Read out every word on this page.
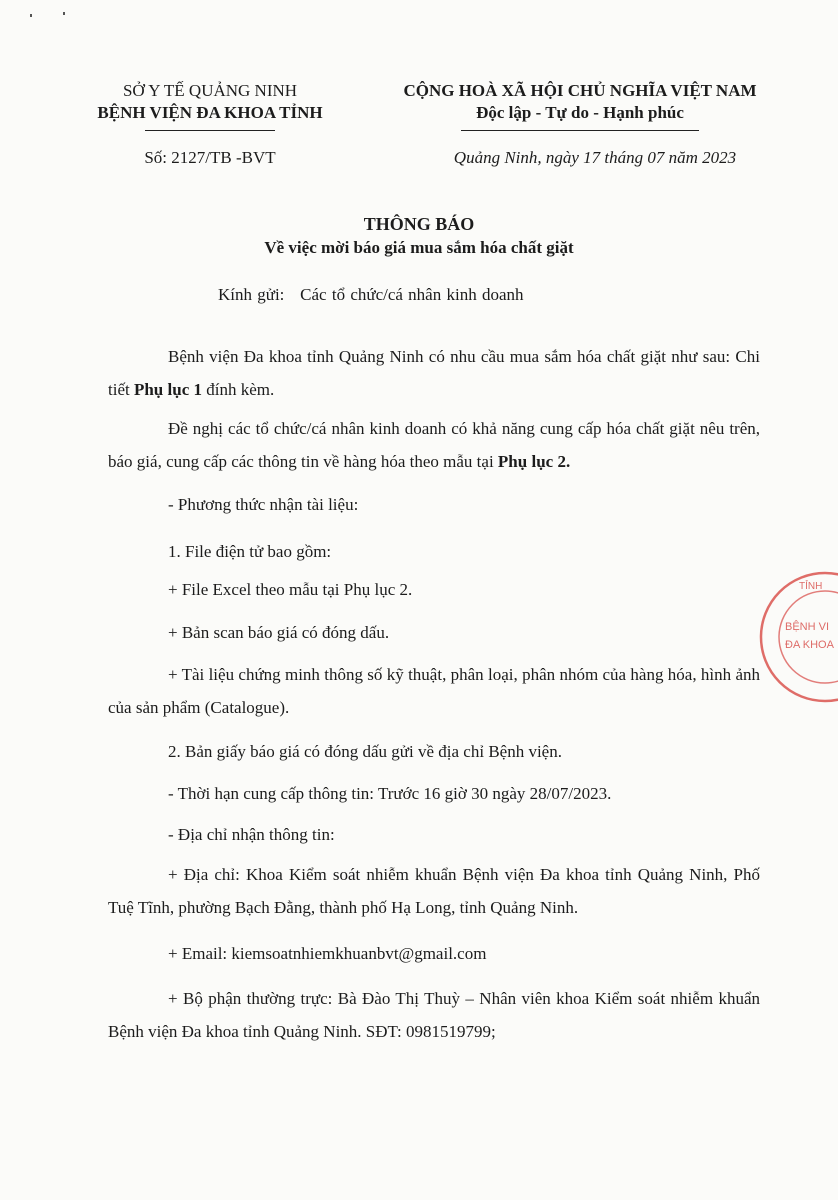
SỞ Y TẾ QUẢNG NINH
BỆNH VIỆN ĐA KHOA TỈNH
CỘNG HOÀ XÃ HỘI CHỦ NGHĨA VIỆT NAM
Độc lập - Tự do - Hạnh phúc
Số: 2127/TB -BVT	Quảng Ninh, ngày 17 tháng 07 năm 2023
THÔNG BÁO
Về việc mời báo giá mua sắm hóa chất giặt
Kính gửi:   Các tổ chức/cá nhân kinh doanh
Bệnh viện Đa khoa tỉnh Quảng Ninh có nhu cầu mua sắm hóa chất giặt như sau: Chi tiết Phụ lục 1 đính kèm.
Đề nghị các tổ chức/cá nhân kinh doanh có khả năng cung cấp hóa chất giặt nêu trên, báo giá, cung cấp các thông tin về hàng hóa theo mẫu tại Phụ lục 2.
- Phương thức nhận tài liệu:
1. File điện tử bao gồm:
+ File Excel theo mẫu tại Phụ lục 2.
+ Bản scan báo giá có đóng dấu.
+ Tài liệu chứng minh thông số kỹ thuật, phân loại, phân nhóm của hàng hóa, hình ảnh của sản phẩm (Catalogue).
2. Bản giấy báo giá có đóng dấu gửi về địa chỉ Bệnh viện.
- Thời hạn cung cấp thông tin: Trước 16 giờ 30 ngày 28/07/2023.
- Địa chỉ nhận thông tin:
+ Địa chỉ: Khoa Kiểm soát nhiễm khuẩn Bệnh viện Đa khoa tỉnh Quảng Ninh, Phố Tuệ Tĩnh, phường Bạch Đằng, thành phố Hạ Long, tỉnh Quảng Ninh.
+ Email: kiemsoatnhiemkhuanbvt@gmail.com
+ Bộ phận thường trực: Bà Đào Thị Thuỳ – Nhân viên khoa Kiểm soát nhiễm khuẩn Bệnh viện Đa khoa tỉnh Quảng Ninh. SĐT: 0981519799;
TỈNH
BỆNH VI
ĐA KHOA
